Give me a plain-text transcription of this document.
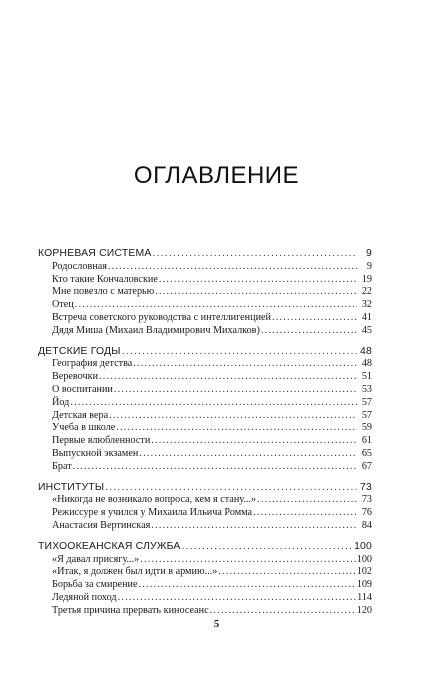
ОГЛАВЛЕНИЕ
КОРНЕВАЯ СИСТЕМА .....	9
Родословная .....	9
Кто такие Кончаловские .....	19
Мне повезло с матерью .....	22
Отец .....	32
Встреча советского руководства с интеллигенцией .....	41
Дядя Миша (Михаил Владимирович Михалков) .....	45
ДЕТСКИЕ ГОДЫ .....	48
География детства .....	48
Веревочки .....	51
О воспитании .....	53
Йод .....	57
Детская вера .....	57
Учеба в школе .....	59
Первые влюбленности .....	61
Выпускной экзамен .....	65
Брат .....	67
ИНСТИТУТЫ .....	73
«Никогда не возникало вопроса, кем я стану...» .....	73
Режиссуре я учился у Михаила Ильича Ромма .....	76
Анастасия Вертинская .....	84
ТИХООКЕАНСКАЯ СЛУЖБА .....	100
«Я давал присягу...» .....	100
«Итак, я должен был идти в армию...» .....	102
Борьба за смирение .....	109
Ледяной поход .....	114
Третья причина прервать киносеанс .....	120
5
